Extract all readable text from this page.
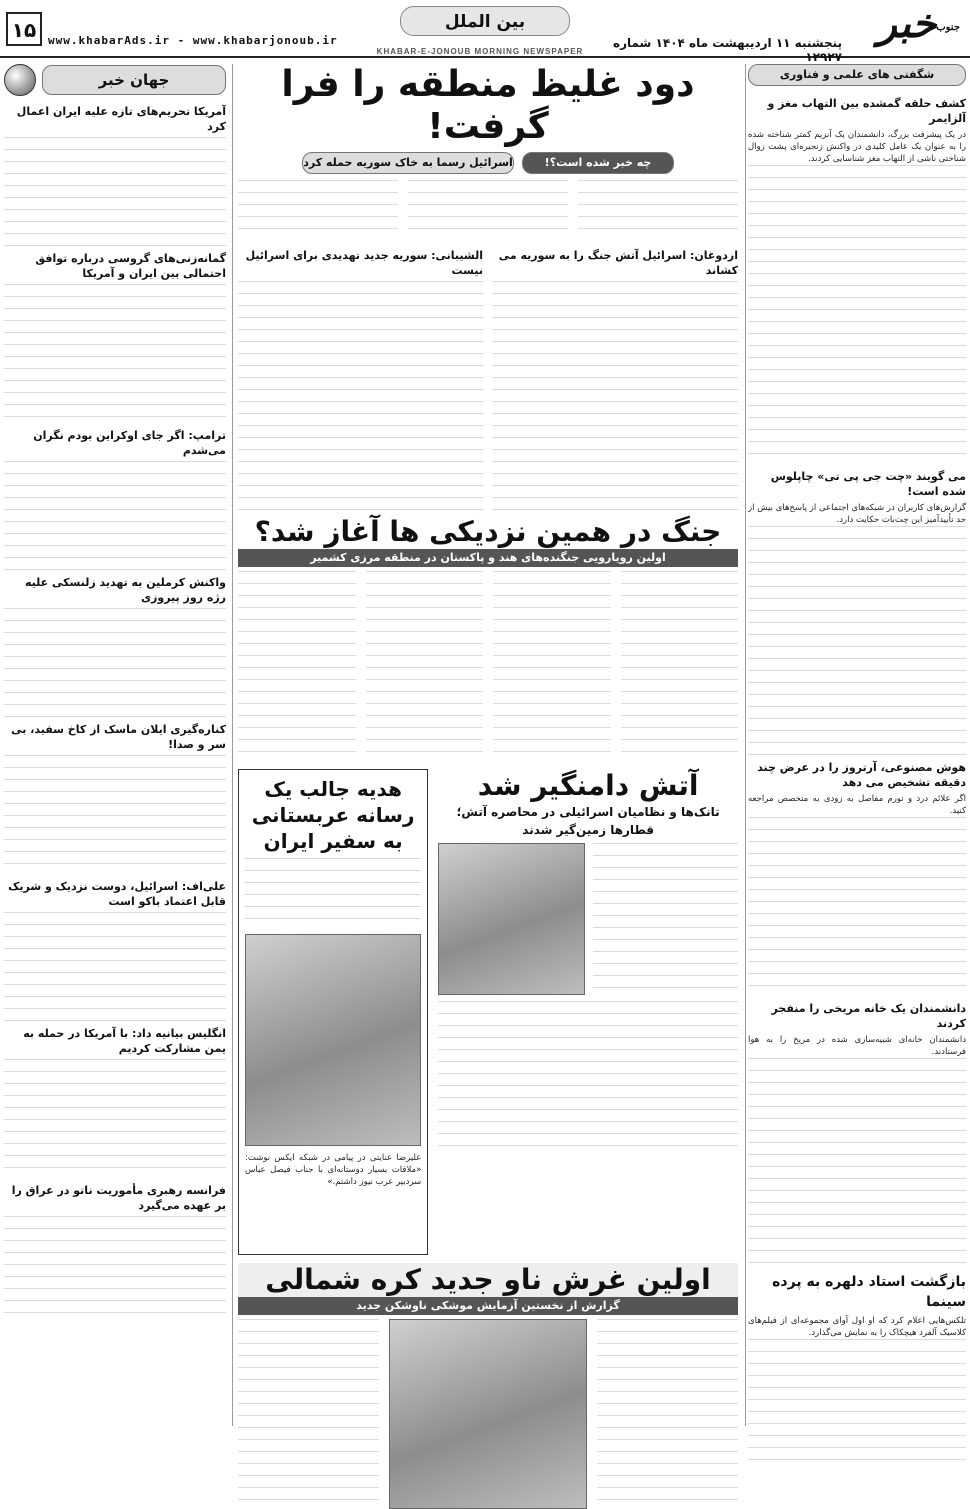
جنوب
خبر
پنجشنبه ۱۱ اردیبهشت ماه ۱۴۰۴ شماره ۱۲۹۲۷
بین الملل
www.khabarAds.ir - www.khabarjonoub.ir
۱۵
KHABAR-E-JONOUB MORNING NEWSPAPER
شگفتی های علمی و فناوری
کشف حلقه گمشده بین التهاب مغز و آلزایمر
در یک پیشرفت بزرگ، دانشمندان یک آنزیم کمتر شناخته شده را به عنوان یک عامل کلیدی در واکنش زنجیره‌ای پشت زوال شناختی ناشی از التهاب مغز شناسایی کردند.
می گویند «چت جی پی تی» چاپلوس شده است!
گزارش‌های کاربران در شبکه‌های اجتماعی از پاسخ‌های بیش از حد تأییدآمیز این چت‌بات حکایت دارد.
هوش مصنوعی، آرتروز را در عرض چند دقیقه تشخیص می دهد
اگر علائم درد و تورم مفاصل به زودی به متخصص مراجعه کنید.
دانشمندان یک خانه مریخی را منفجر کردند
دانشمندان خانه‌ای شبیه‌سازی شده در مریخ را به هوا فرستادند.
بازگشت استاد دلهره به پرده سینما
تلکس‌هایی اعلام کرد که او اول آوای مجموعه‌ای از فیلم‌های کلاسیک آلفرد هیچکاک را به نمایش می‌گذارد.
دود غلیظ منطقه را فرا گرفت!
چه خبر شده است؟!
اسرائیل رسما به خاک سوریه حمله کرد
اردوغان: اسرائیل آتش جنگ را به سوریه می کشاند
الشیبانی: سوریه جدید تهدیدی برای اسرائیل نیست
جنگ در همین نزدیکی ها آغاز شد؟
اولین رویارویی جنگنده‌های هند و پاکستان در منطقه مرزی کشمیر
آتش دامنگیر شد
تانک‌ها و نظامیان اسرائیلی در محاصره آتش؛ قطارها زمین‌گیر شدند
هدیه جالب یک رسانه عربستانی به سفیر ایران
علیرضا عنایتی در پیامی در شبکه ایکس نوشت: «ملاقات بسیار دوستانه‌ای با جناب فیصل عباس سردبیر عرب نیوز داشتم.»
اولین غرش ناو جدید کره شمالی
گزارش از نخستین آزمایش موشکی ناوشکن جدید
جهان خبر
آمریکا تحریم‌های تازه علیه ایران اعمال کرد
گمانه‌زنی‌های گروسی درباره توافق احتمالی بین ایران و آمریکا
ترامپ: اگر جای اوکراین بودم نگران می‌شدم
واکنش کرملین به تهدید زلنسکی علیه رژه روز پیروزی
کناره‌گیری ایلان ماسک از کاخ سفید، بی سر و صدا!
علی‌اف: اسرائیل، دوست نزدیک و شریک قابل اعتماد باکو است
انگلیس بیانیه داد: با آمریکا در حمله به یمن مشارکت کردیم
فرانسه رهبری مأموریت ناتو در عراق را بر عهده می‌گیرد
